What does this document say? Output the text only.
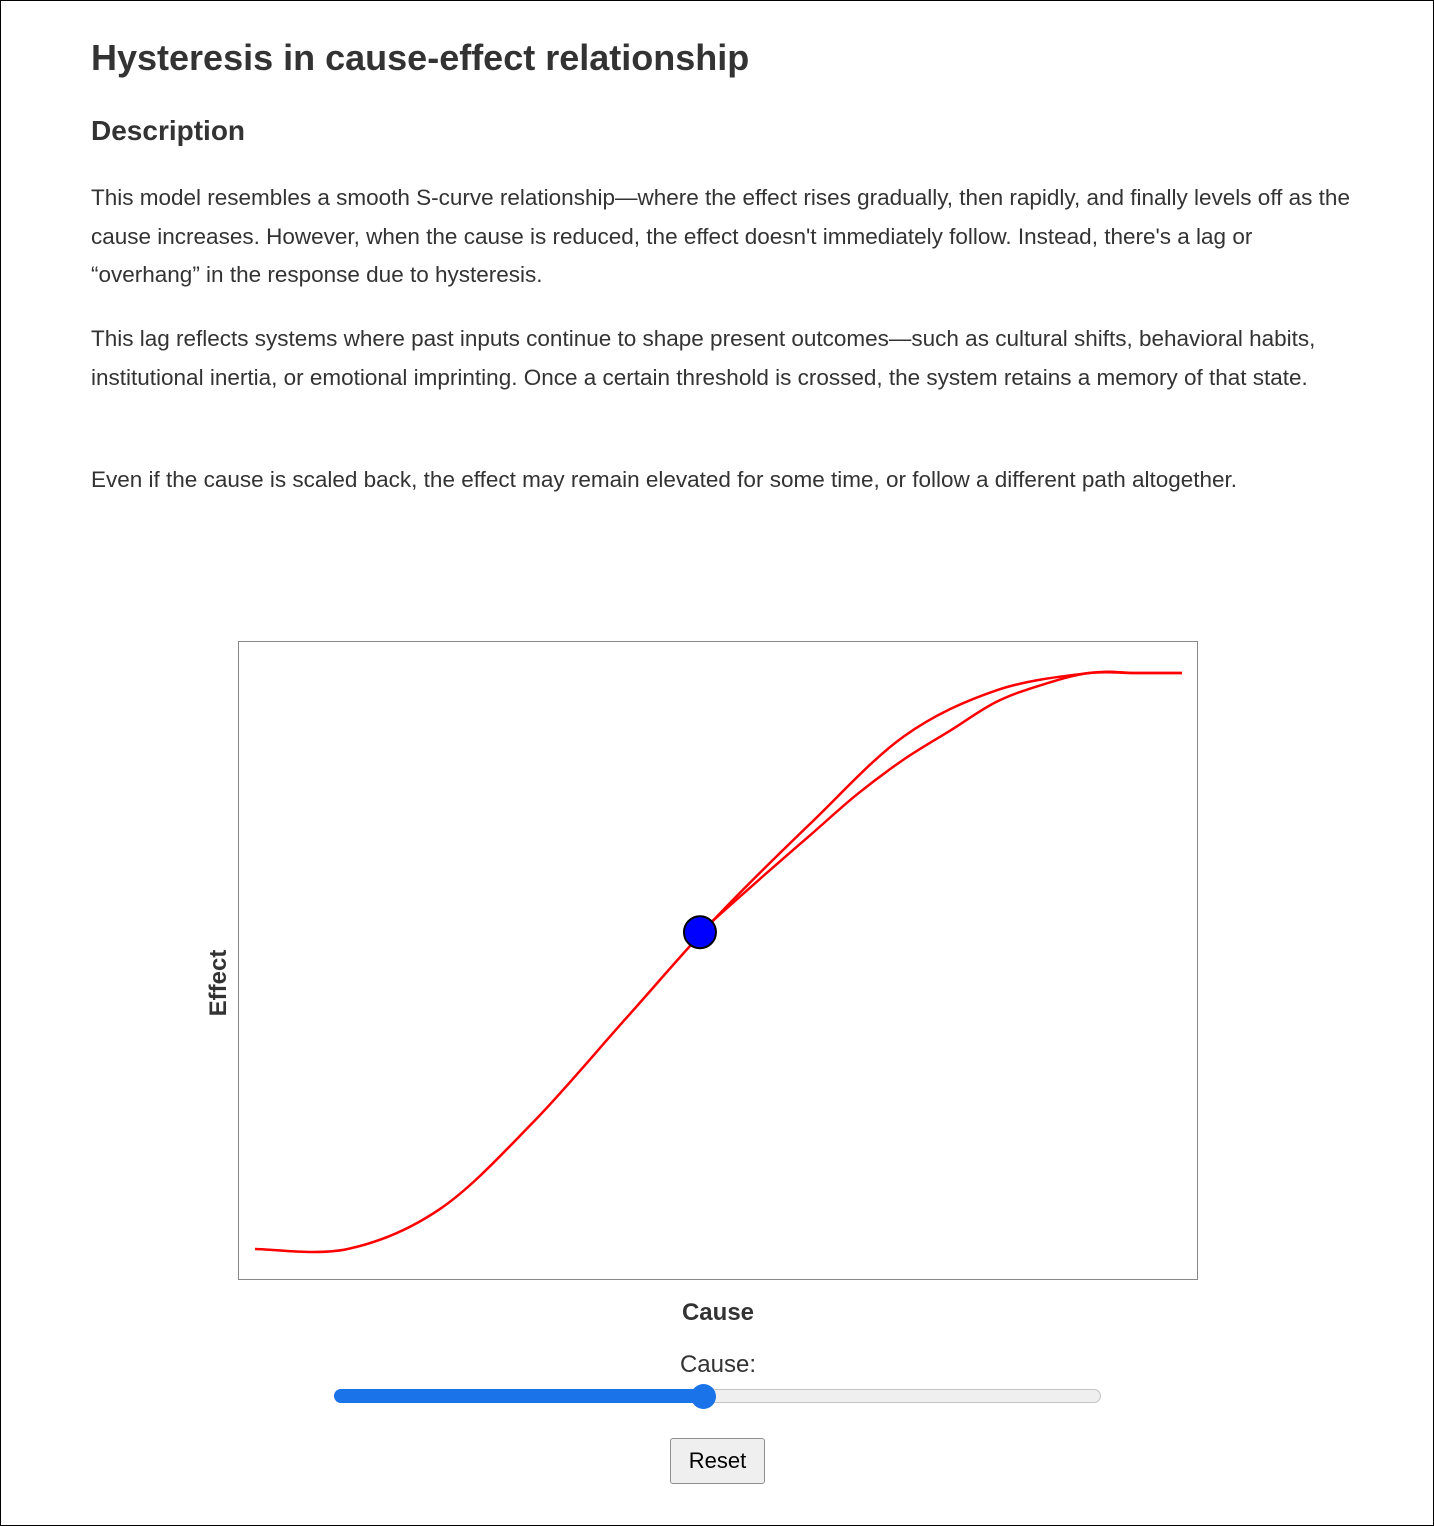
Hysteresis in cause-effect relationship
Description

This model resembles a smooth S-curve relationship—where the effect rises gradually, then rapidly, and finally levels off as the cause increases. However, when the cause is reduced, the effect doesn't immediately follow. Instead, there's a lag or “overhang” in the response due to hysteresis.

This lag reflects systems where past inputs continue to shape present outcomes—such as cultural shifts, behavioral habits, institutional inertia, or emotional imprinting. Once a certain threshold is crossed, the system retains a memory of that state.

Even if the cause is scaled back, the effect may remain elevated for some time, or follow a different path altogether.

Effect
Cause
Cause:
Reset
